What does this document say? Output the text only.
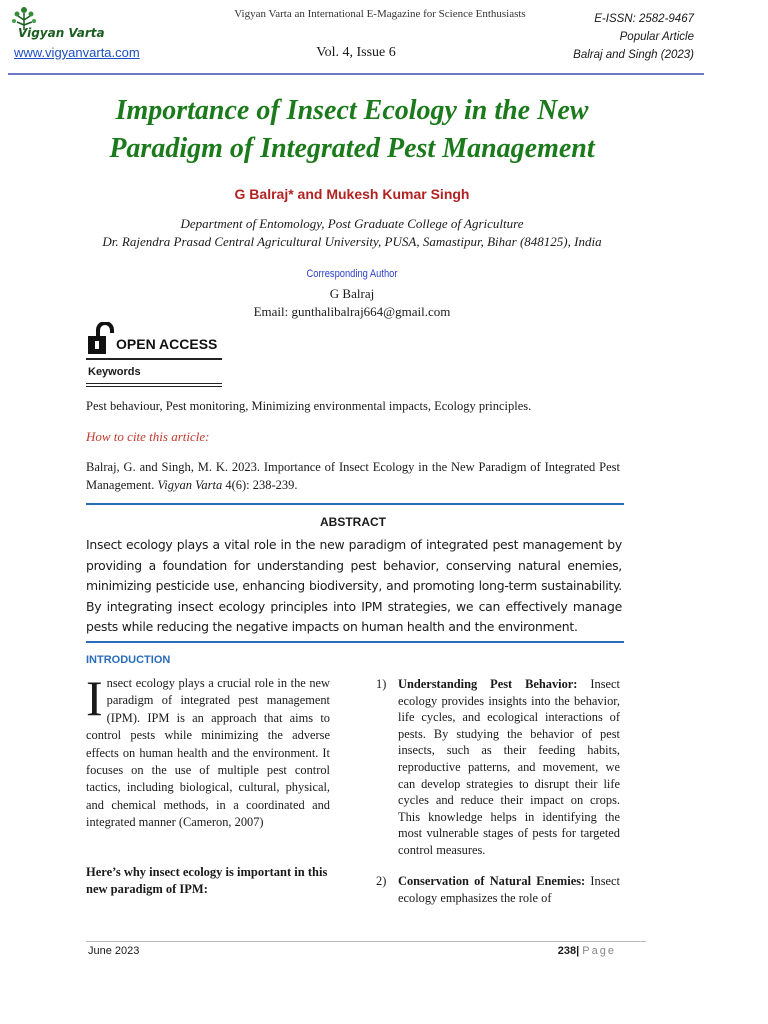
Vigyan Varta
www.vigyanvarta.com
Vigyan Varta an International E-Magazine for Science Enthusiasts
Vol. 4, Issue 6
E-ISSN: 2582-9467
Popular Article
Balraj and Singh (2023)
Importance of Insect Ecology in the New Paradigm of Integrated Pest Management
G Balraj* and Mukesh Kumar Singh
Department of Entomology, Post Graduate College of Agriculture
Dr. Rajendra Prasad Central Agricultural University, PUSA, Samastipur, Bihar (848125), India
Corresponding Author
G Balraj
Email: gunthalibalraj664@gmail.com
OPEN ACCESS
Keywords
Pest behaviour, Pest monitoring, Minimizing environmental impacts, Ecology principles.
How to cite this article:
Balraj, G. and Singh, M. K. 2023. Importance of Insect Ecology in the New Paradigm of Integrated Pest Management. Vigyan Varta 4(6): 238-239.
ABSTRACT
Insect ecology plays a vital role in the new paradigm of integrated pest management by providing a foundation for understanding pest behavior, conserving natural enemies, minimizing pesticide use, enhancing biodiversity, and promoting long-term sustainability. By integrating insect ecology principles into IPM strategies, we can effectively manage pests while reducing the negative impacts on human health and the environment.
INTRODUCTION
Insect ecology plays a crucial role in the new paradigm of integrated pest management (IPM). IPM is an approach that aims to control pests while minimizing the adverse effects on human health and the environment. It focuses on the use of multiple pest control tactics, including biological, cultural, physical, and chemical methods, in a coordinated and integrated manner (Cameron, 2007)
Here’s why insect ecology is important in this new paradigm of IPM:
1) Understanding Pest Behavior: Insect ecology provides insights into the behavior, life cycles, and ecological interactions of pests. By studying the behavior of pest insects, such as their feeding habits, reproductive patterns, and movement, we can develop strategies to disrupt their life cycles and reduce their impact on crops. This knowledge helps in identifying the most vulnerable stages of pests for targeted control measures.
2) Conservation of Natural Enemies: Insect ecology emphasizes the role of
June 2023	238| Page
